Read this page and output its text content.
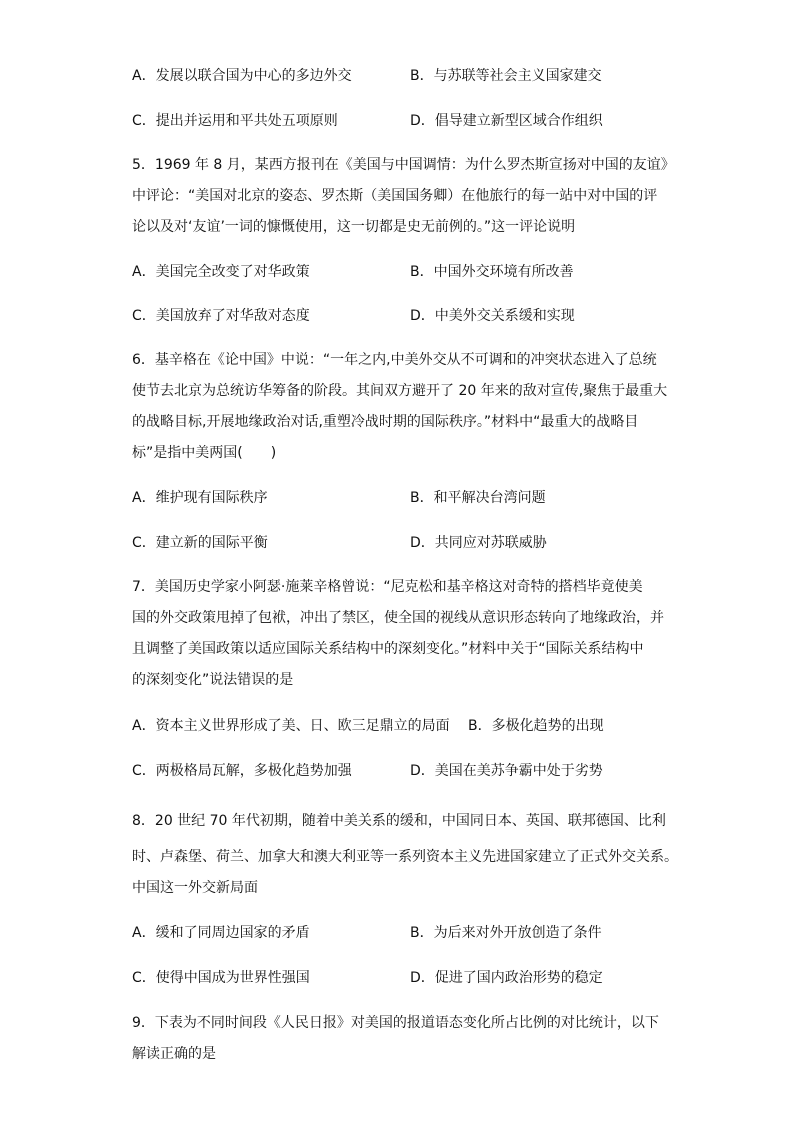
A．发展以联合国为中心的多边外交	B．与苏联等社会主义国家建交
C．提出并运用和平共处五项原则	D．倡导建立新型区域合作组织
5．1969 年 8 月，某西方报刊在《美国与中国调情：为什么罗杰斯宣扬对中国的友谊》
中评论：“美国对北京的姿态、罗杰斯（美国国务卿）在他旅行的每一站中对中国的评
论以及对‘友谊’一词的慷慨使用，这一切都是史无前例的。”这一评论说明
A．美国完全改变了对华政策	B．中国外交环境有所改善
C．美国放弃了对华敌对态度	D．中美外交关系缓和实现
6．基辛格在《论中国》中说：“一年之内,中美外交从不可调和的冲突状态进入了总统
使节去北京为总统访华筹备的阶段。其间双方避开了 20 年来的敌对宣传,聚焦于最重大
的战略目标,开展地缘政治对话,重塑冷战时期的国际秩序。”材料中“最重大的战略目
标”是指中美两国(　　)
A．维护现有国际秩序	B．和平解决台湾问题
C．建立新的国际平衡	D．共同应对苏联威胁
7．美国历史学家小阿瑟·施莱辛格曾说：“尼克松和基辛格这对奇特的搭档毕竟使美
国的外交政策甩掉了包袱，冲出了禁区，使全国的视线从意识形态转向了地缘政治，并
且调整了美国政策以适应国际关系结构中的深刻变化。”材料中关于“国际关系结构中
的深刻变化”说法错误的是
A．资本主义世界形成了美、日、欧三足鼎立的局面 B．多极化趋势的出现
C．两极格局瓦解，多极化趋势加强	D．美国在美苏争霸中处于劣势
8．20 世纪 70 年代初期，随着中美关系的缓和，中国同日本、英国、联邦德国、比利
时、卢森堡、荷兰、加拿大和澳大利亚等一系列资本主义先进国家建立了正式外交关系。
中国这一外交新局面
A．缓和了同周边国家的矛盾	B．为后来对外开放创造了条件
C．使得中国成为世界性强国	D．促进了国内政治形势的稳定
9．下表为不同时间段《人民日报》对美国的报道语态变化所占比例的对比统计，以下
解读正确的是
